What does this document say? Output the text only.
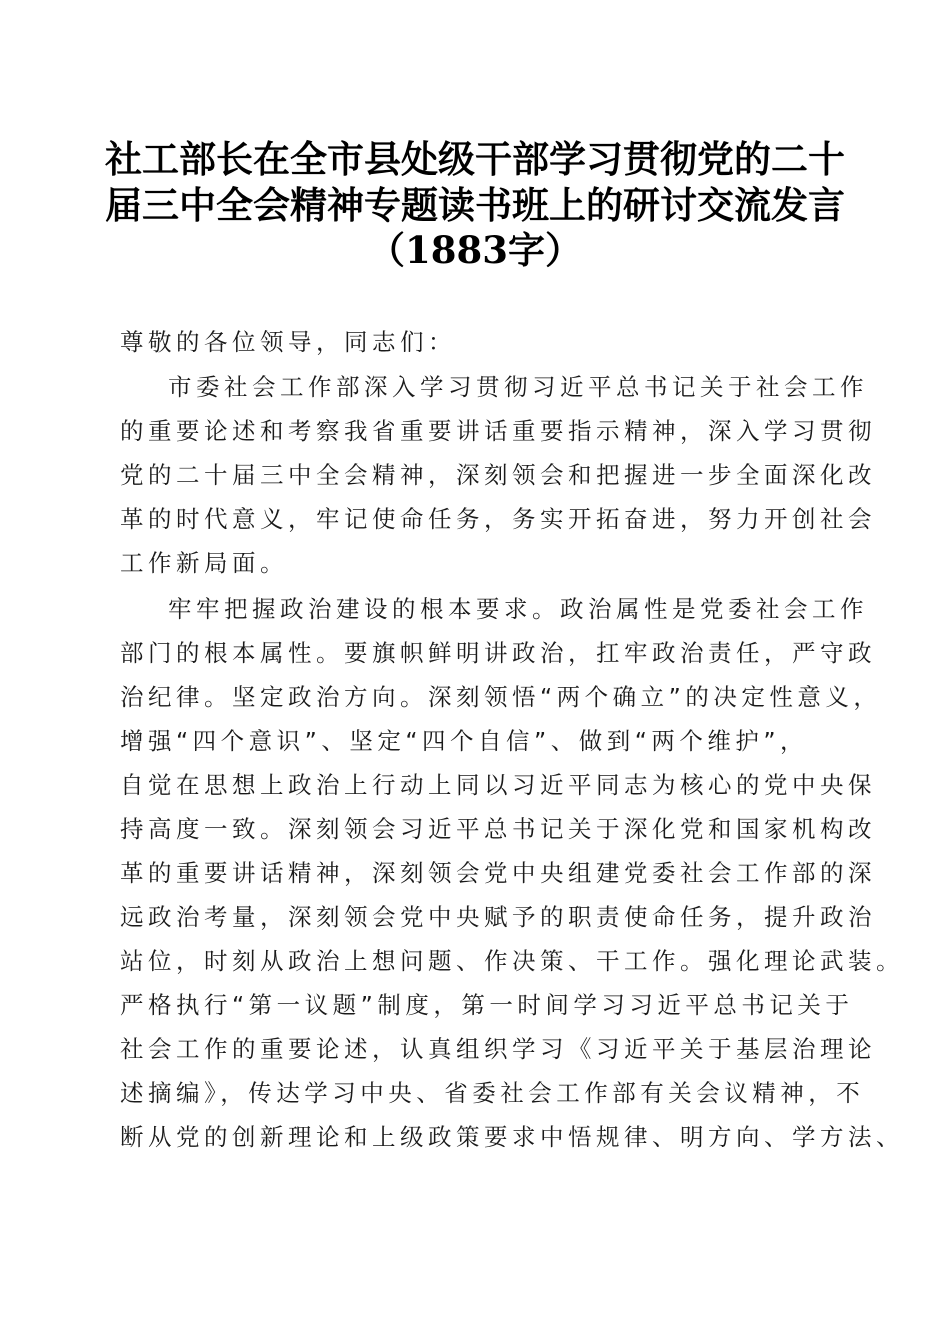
社工部长在全市县处级干部学习贯彻党的二十
届三中全会精神专题读书班上的研讨交流发言
（1883字）
尊敬的各位领导，同志们：
市委社会工作部深入学习贯彻习近平总书记关于社会工作
的重要论述和考察我省重要讲话重要指示精神，深入学习贯彻
党的二十届三中全会精神，深刻领会和把握进一步全面深化改
革的时代意义，牢记使命任务，务实开拓奋进，努力开创社会
工作新局面。
牢牢把握政治建设的根本要求。政治属性是党委社会工作
部门的根本属性。要旗帜鲜明讲政治，扛牢政治责任，严守政
治纪律。坚定政治方向。深刻领悟“两个确立”的决定性意义，
增强“四个意识”、坚定“四个自信”、做到“两个维护”，
自觉在思想上政治上行动上同以习近平同志为核心的党中央保
持高度一致。深刻领会习近平总书记关于深化党和国家机构改
革的重要讲话精神，深刻领会党中央组建党委社会工作部的深
远政治考量，深刻领会党中央赋予的职责使命任务，提升政治
站位，时刻从政治上想问题、作决策、干工作。强化理论武装。
严格执行“第一议题”制度，第一时间学习习近平总书记关于
社会工作的重要论述，认真组织学习《习近平关于基层治理论
述摘编》，传达学习中央、省委社会工作部有关会议精神，不
断从党的创新理论和上级政策要求中悟规律、明方向、学方法、
